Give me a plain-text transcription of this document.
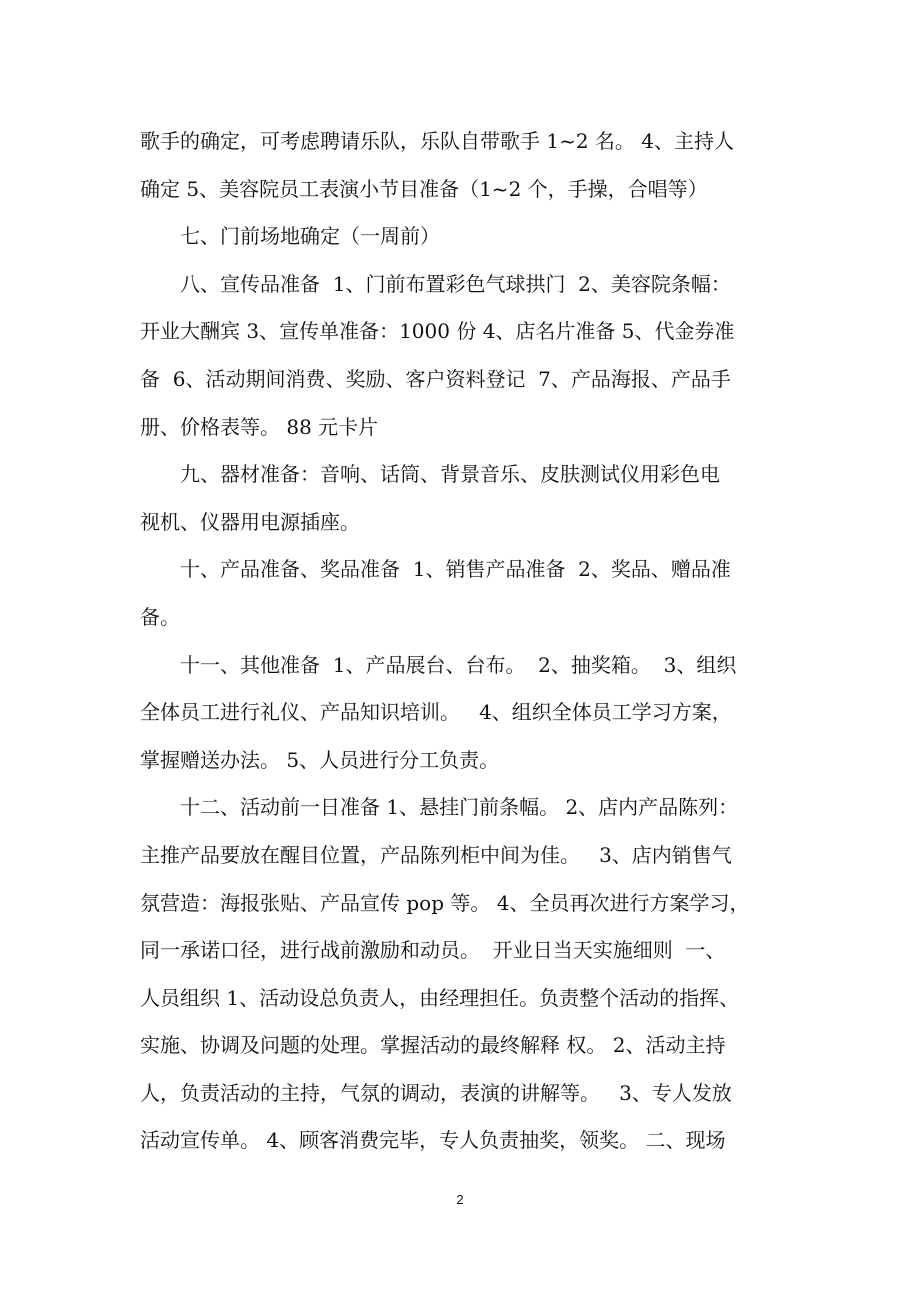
歌手的确定，可考虑聘请乐队，乐队自带歌手 1~2 名。 4、主持人
确定 5、美容院员工表演小节目准备（1~2 个，手操，合唱等）
七、门前场地确定（一周前）
八、宣传品准备  1、门前布置彩色气球拱门  2、美容院条幅：
开业大酬宾 3、宣传单准备：1000 份 4、店名片准备 5、代金券准
备  6、活动期间消费、奖励、客户资料登记  7、产品海报、产品手
册、价格表等。 88 元卡片
九、器材准备：音响、话筒、背景音乐、皮肤测试仪用彩色电
视机、仪器用电源插座。
十、产品准备、奖品准备  1、销售产品准备  2、奖品、赠品准
备。
十一、其他准备  1、产品展台、台布。  2、抽奖箱。  3、组织
全体员工进行礼仪、产品知识培训。   4、组织全体员工学习方案，
掌握赠送办法。 5、人员进行分工负责。
十二、活动前一日准备 1、悬挂门前条幅。 2、店内产品陈列：
主推产品要放在醒目位置，产品陈列柜中间为佳。   3、店内销售气
氛营造：海报张贴、产品宣传 pop 等。 4、全员再次进行方案学习，
同一承诺口径，进行战前激励和动员。  开业日当天实施细则  一、
人员组织 1、活动设总负责人，由经理担任。负责整个活动的指挥、
实施、协调及问题的处理。掌握活动的最终解释 权。 2、活动主持
人，负责活动的主持，气氛的调动，表演的讲解等。   3、专人发放
活动宣传单。 4、顾客消费完毕，专人负责抽奖，领奖。 二、现场
2
